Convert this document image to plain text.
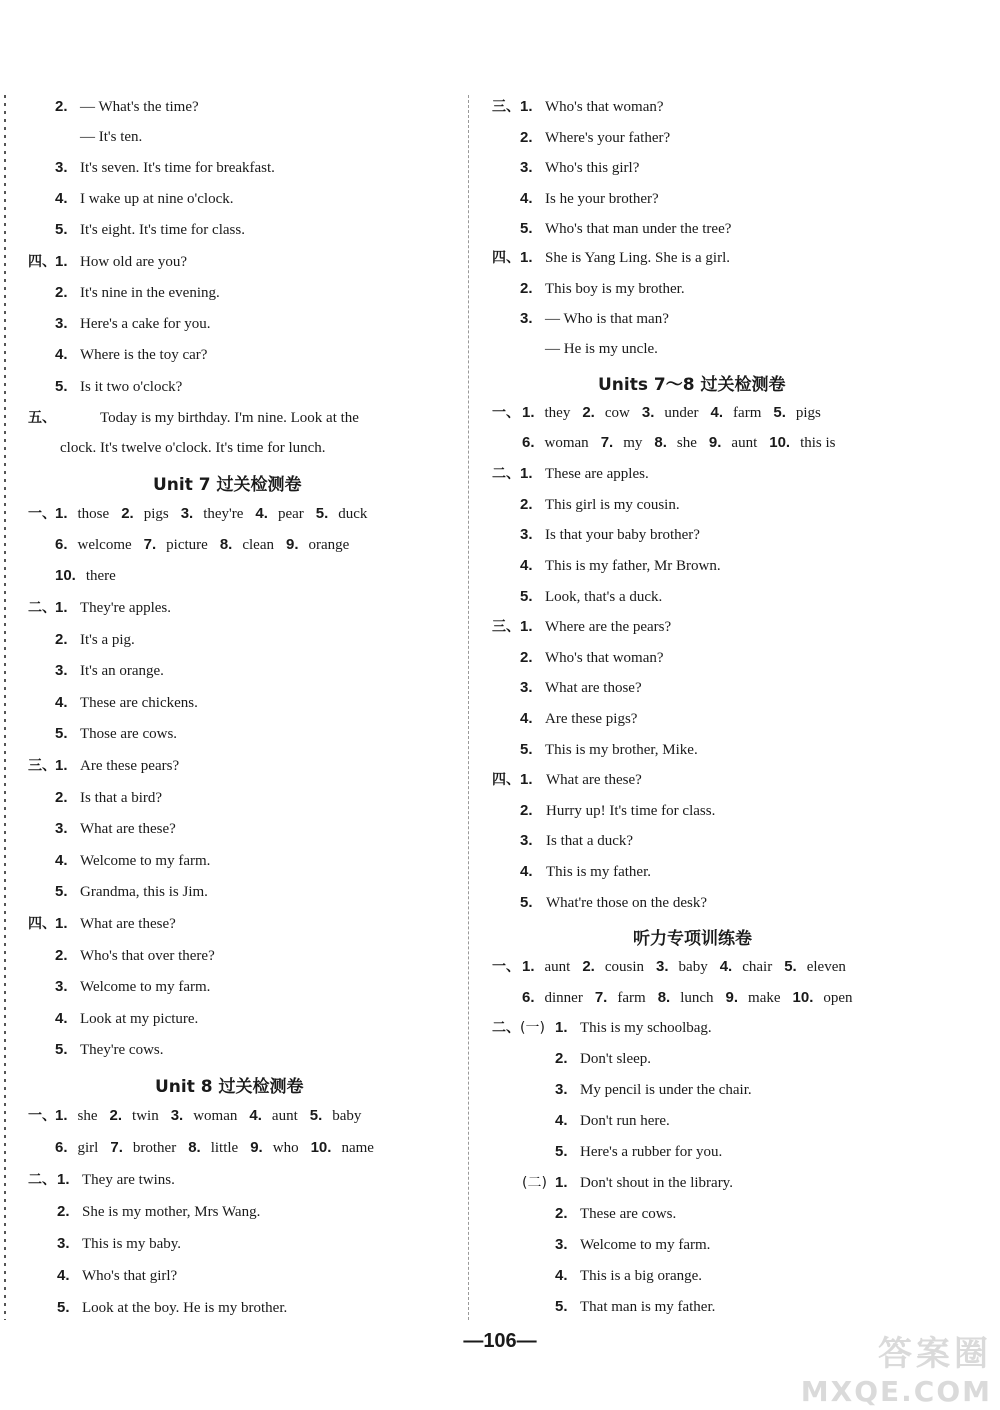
2. — What's the time?
— It's ten.
3. It's seven. It's time for breakfast.
4. I wake up at nine o'clock.
5. It's eight. It's time for class.
四、 1. How old are you?
2. It's nine in the evening.
3. Here's a cake for you.
4. Where is the toy car?
5. Is it two o'clock?
五、	Today is my birthday. I'm nine. Look at the
clock. It's twelve o'clock. It's time for lunch.
Unit 7 过关检测卷
一、 1. those 2. pigs 3. they're 4. pear 5. duck
6. welcome 7. picture 8. clean 9. orange
10. there
二、 1. They're apples.
2. It's a pig.
3. It's an orange.
4. These are chickens.
5. Those are cows.
三、 1. Are these pears?
2. Is that a bird?
3. What are these?
4. Welcome to my farm.
5. Grandma, this is Jim.
四、 1. What are these?
2. Who's that over there?
3. Welcome to my farm.
4. Look at my picture.
5. They're cows.
Unit 8 过关检测卷
一、 1. she 2. twin 3. woman 4. aunt 5. baby
6. girl 7. brother 8. little 9. who 10. name
二、 1. They are twins.
2. She is my mother, Mrs Wang.
3. This is my baby.
4. Who's that girl?
5. Look at the boy. He is my brother.
三、 1. Who's that woman?
2. Where's your father?
3. Who's this girl?
4. Is he your brother?
5. Who's that man under the tree?
四、 1. She is Yang Ling. She is a girl.
2. This boy is my brother.
3. — Who is that man?
— He is my uncle.
Units 7～8 过关检测卷
一、 1. they 2. cow 3. under 4. farm 5. pigs
6. woman 7. my 8. she 9. aunt 10. this is
二、 1. These are apples.
2. This girl is my cousin.
3. Is that your baby brother?
4. This is my father, Mr Brown.
5. Look, that's a duck.
三、 1. Where are the pears?
2. Who's that woman?
3. What are those?
4. Are these pigs?
5. This is my brother, Mike.
四、 1. What are these?
2. Hurry up! It's time for class.
3. Is that a duck?
4. This is my father.
5. What're those on the desk?
听力专项训练卷
一、 1. aunt 2. cousin 3. baby 4. chair 5. eleven
6. dinner 7. farm 8. lunch 9. make 10. open
二、 (一) 1. This is my schoolbag.
2. Don't sleep.
3. My pencil is under the chair.
4. Don't run here.
5. Here's a rubber for you.
(二) 1. Don't shout in the library.
2. These are cows.
3. Welcome to my farm.
4. This is a big orange.
5. That man is my father.
—106—	答案圈
MXQE.COM
